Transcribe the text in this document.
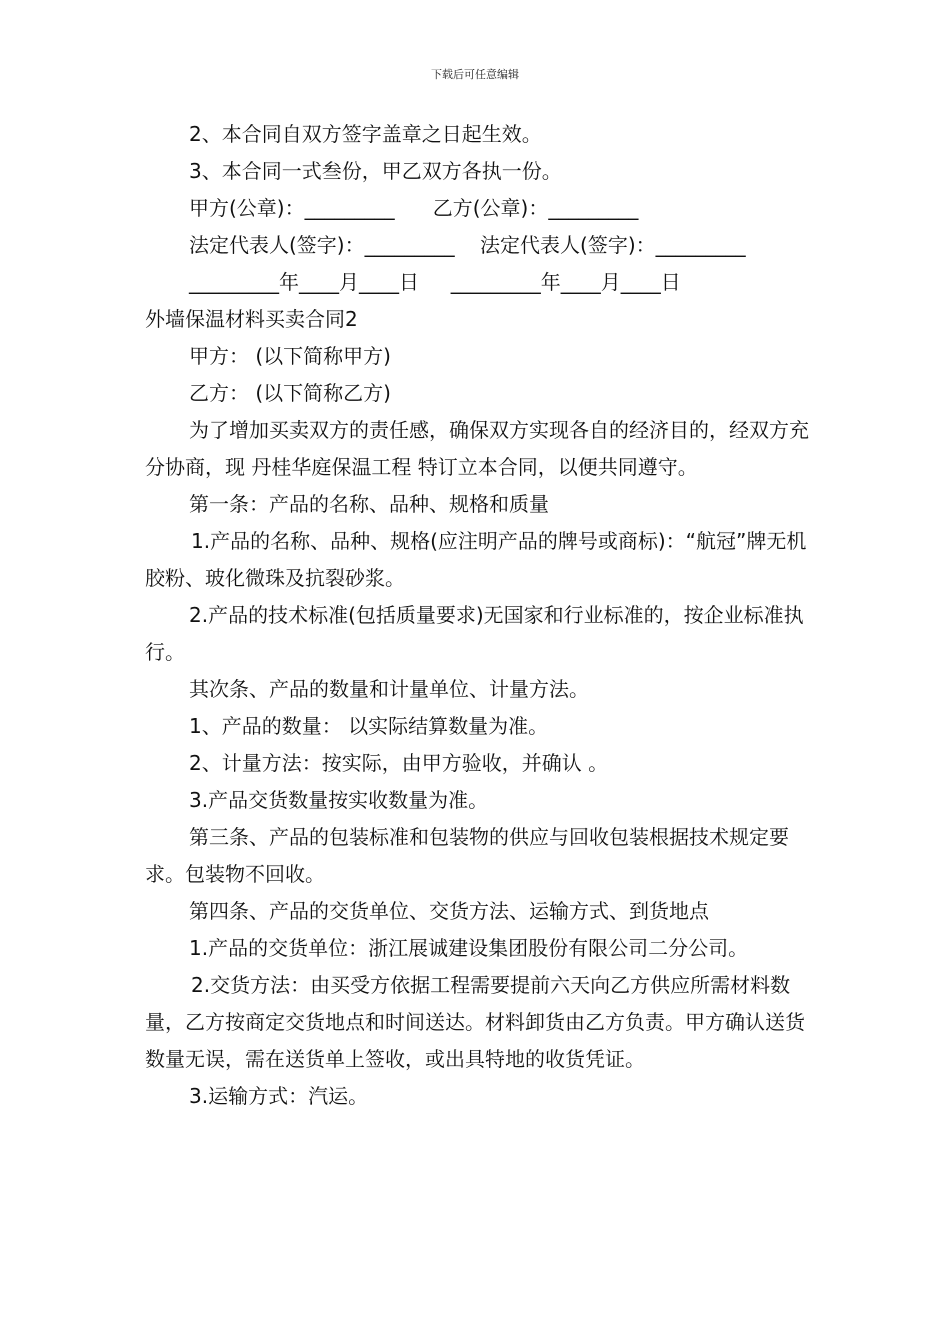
下载后可任意编辑

2、本合同自双方签字盖章之日起生效。

3、本合同一式叁份，甲乙双方各执一份。

甲方(公章)：_________      乙方(公章)：_________

法定代表人(签字)：_________    法定代表人(签字)：_________

_________年____月____日     _________年____月____日

外墙保温材料买卖合同2

甲方： (以下简称甲方)

乙方： (以下简称乙方)

为了增加买卖双方的责任感，确保双方实现各自的经济目的，经双方充分协商，现 丹桂华庭保温工程 特订立本合同，以便共同遵守。

第一条：产品的名称、品种、规格和质量

1.产品的名称、品种、规格(应注明产品的牌号或商标)：“航冠”牌无机胶粉、玻化微珠及抗裂砂浆。

2.产品的技术标准(包括质量要求)无国家和行业标准的，按企业标准执行。

其次条、产品的数量和计量单位、计量方法。

1、产品的数量： 以实际结算数量为准。

2、计量方法：按实际，由甲方验收，并确认 。

3.产品交货数量按实收数量为准。

第三条、产品的包装标准和包装物的供应与回收包装根据技术规定要求。包装物不回收。

第四条、产品的交货单位、交货方法、运输方式、到货地点

1.产品的交货单位：浙江展诚建设集团股份有限公司二分公司。

2.交货方法：由买受方依据工程需要提前六天向乙方供应所需材料数量，乙方按商定交货地点和时间送达。材料卸货由乙方负责。甲方确认送货数量无误，需在送货单上签收，或出具特地的收货凭证。

3.运输方式：汽运。
